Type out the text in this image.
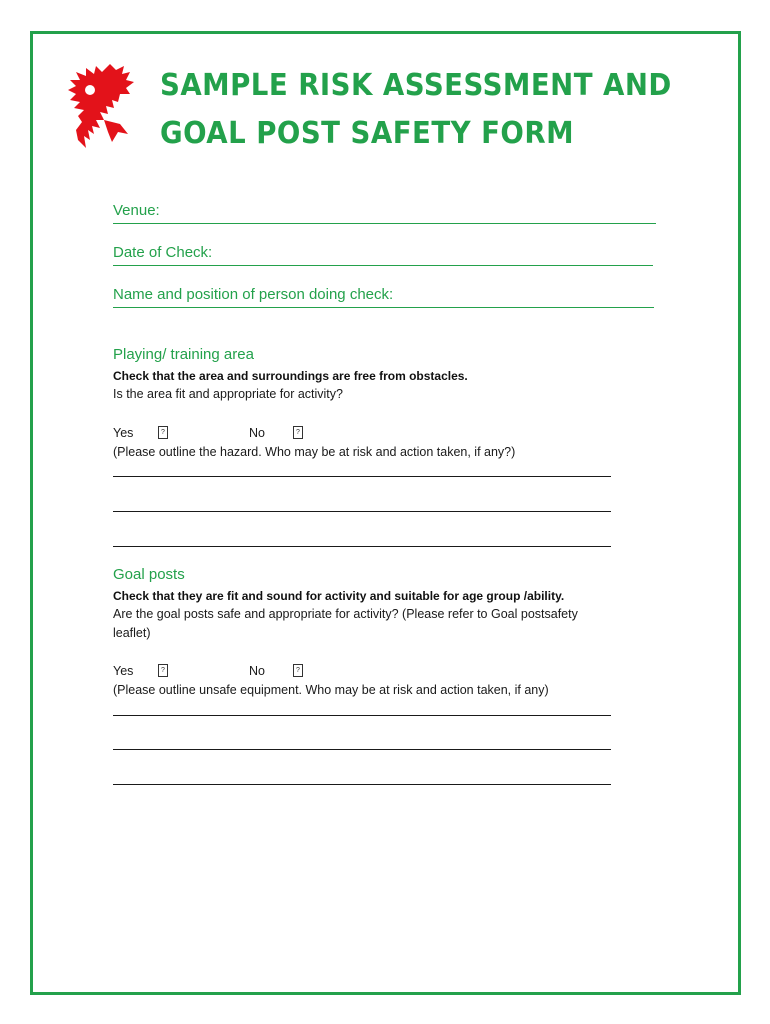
SAMPLE RISK ASSESSMENT AND GOAL POST SAFETY FORM
Venue:
Date of Check:
Name and position of person doing check:
Playing/ training area
Check that the area and surroundings are free from obstacles.
Is the area fit and appropriate for activity?
Yes	?	No	?
(Please outline the hazard. Who may be at risk and action taken, if any?)
Goal posts
Check that they are fit and sound for activity and suitable for age group /ability.
Are the goal posts safe and appropriate for activity? (Please refer to Goal postsafety
leaflet)
Yes	?	No	?
(Please outline unsafe equipment. Who may be at risk and action taken, if any)
